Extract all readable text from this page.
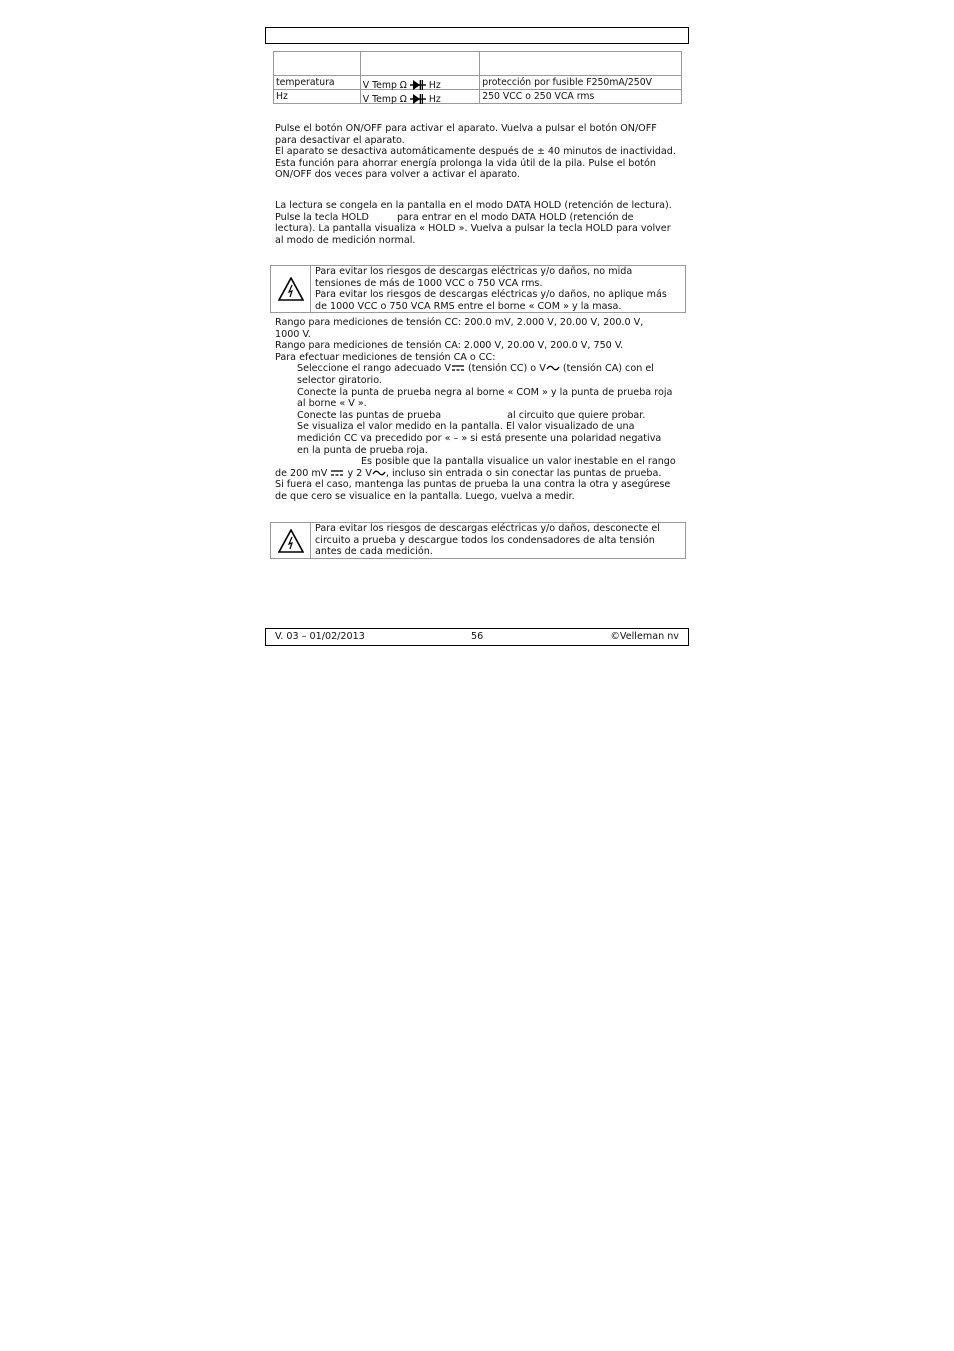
temperatura	V Temp Ω Hz	protección por fusible F250mA/250V
Hz	V Temp Ω Hz	250 VCC o 250 VCA rms

Pulse el botón ON/OFF para activar el aparato. Vuelva a pulsar el botón ON/OFF

para desactivar el aparato.

El aparato se desactiva automáticamente después de ± 40 minutos de inactividad.

Esta función para ahorrar energía prolonga la vida útil de la pila. Pulse el botón

ON/OFF dos veces para volver a activar el aparato.

La lectura se congela en la pantalla en el modo DATA HOLD (retención de lectura).

Pulse la tecla HOLD	para entrar en el modo DATA HOLD (retención de

lectura). La pantalla visualiza « HOLD ». Vuelva a pulsar la tecla HOLD para volver

al modo de medición normal.

Para evitar los riesgos de descargas eléctricas y/o daños, no mida

tensiones de más de 1000 VCC o 750 VCA rms.

Para evitar los riesgos de descargas eléctricas y/o daños, no aplique más

de 1000 VCC o 750 VCA RMS entre el borne « COM » y la masa.

Rango para mediciones de tensión CC: 200.0 mV, 2.000 V, 20.00 V, 200.0 V,

1000 V.

Rango para mediciones de tensión CA: 2.000 V, 20.00 V, 200.0 V, 750 V.

Para efectuar mediciones de tensión CA o CC:

Seleccione el rango adecuado V (tensión CC) o V (tensión CA) con el

selector giratorio.

Conecte la punta de prueba negra al borne « COM » y la punta de prueba roja

al borne « V ».

Conecte las puntas de prueba	al circuito que quiere probar.

Se visualiza el valor medido en la pantalla. El valor visualizado de una

medición CC va precedido por « – » si está presente una polaridad negativa

en la punta de prueba roja.

Es posible que la pantalla visualice un valor inestable en el rango

de 200 mV y 2 V , incluso sin entrada o sin conectar las puntas de prueba.

Si fuera el caso, mantenga las puntas de prueba la una contra la otra y asegúrese

de que cero se visualice en la pantalla. Luego, vuelva a medir.

Para evitar los riesgos de descargas eléctricas y/o daños, desconecte el

circuito a prueba y descargue todos los condensadores de alta tensión

antes de cada medición.

V. 03 – 01/02/2013	56	©Velleman nv
